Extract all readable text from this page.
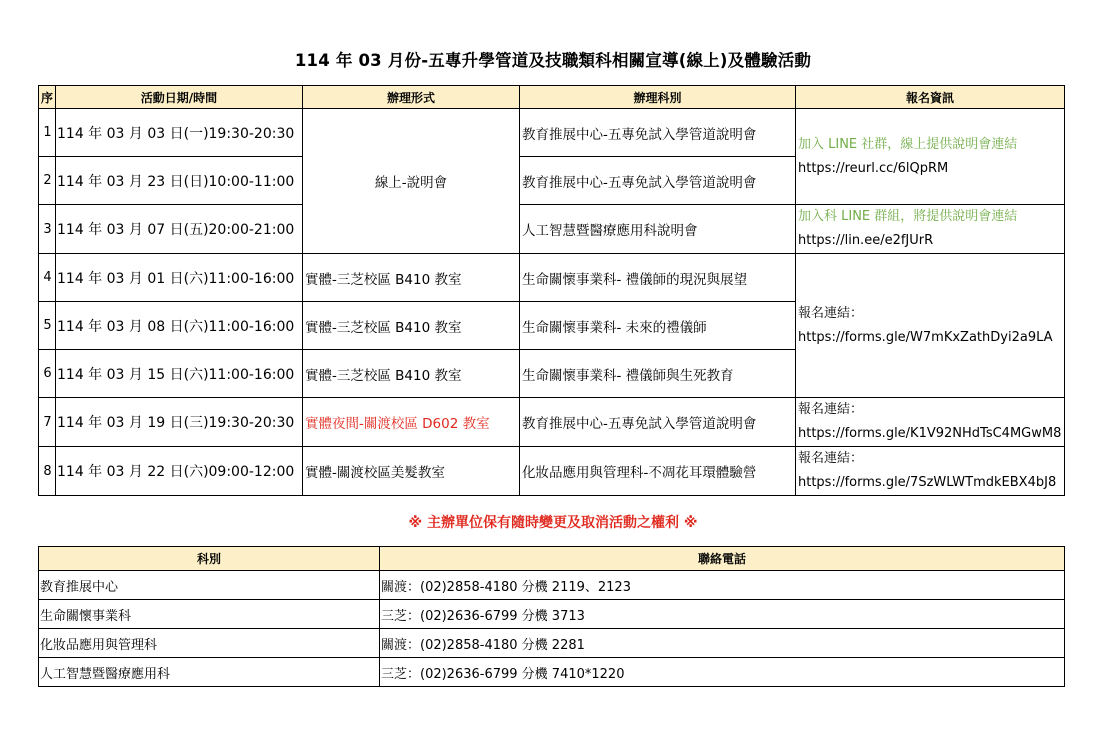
114 年 03 月份-五專升學管道及技職類科相關宣導(線上)及體驗活動
序	活動日期/時間	辦理形式	辦理科別	報名資訊
1	114 年 03 月 03 日(一)19:30-20:30	線上-說明會	教育推展中心-五專免試入學管道說明會	加入 LINE 社群，線上提供說明會連結
https://reurl.cc/6lQpRM

2	114 年 03 月 23 日(日)10:00-11:00		教育推展中心-五專免試入學管道說明會	
3	114 年 03 月 07 日(五)20:00-21:00		人工智慧暨醫療應用科說明會	加入科 LINE 群組，將提供說明會連結
https://lin.ee/e2fJUrR

4	114 年 03 月 01 日(六)11:00-16:00	實體-三芝校區 B410 教室	生命關懷事業科- 禮儀師的現況與展望	報名連結：
https://forms.gle/W7mKxZathDyi2a9LA

5	114 年 03 月 08 日(六)11:00-16:00	實體-三芝校區 B410 教室	生命關懷事業科- 未來的禮儀師	
6	114 年 03 月 15 日(六)11:00-16:00	實體-三芝校區 B410 教室	生命關懷事業科- 禮儀師與生死教育	
7	114 年 03 月 19 日(三)19:30-20:30	實體夜間-關渡校區 D602 教室	教育推展中心-五專免試入學管道說明會	報名連結：
https://forms.gle/K1V92NHdTsC4MGwM8

8	114 年 03 月 22 日(六)09:00-12:00	實體-關渡校區美髮教室	化妝品應用與管理科-不凋花耳環體驗營	報名連結：
https://forms.gle/7SzWLWTmdkEBX4bJ8
※ 主辦單位保有隨時變更及取消活動之權利 ※
科別	聯絡電話
教育推展中心	關渡：(02)2858-4180 分機 2119、2123
生命關懷事業科	三芝：(02)2636-6799 分機 3713
化妝品應用與管理科	關渡：(02)2858-4180 分機 2281
人工智慧暨醫療應用科	三芝：(02)2636-6799 分機 7410*1220
